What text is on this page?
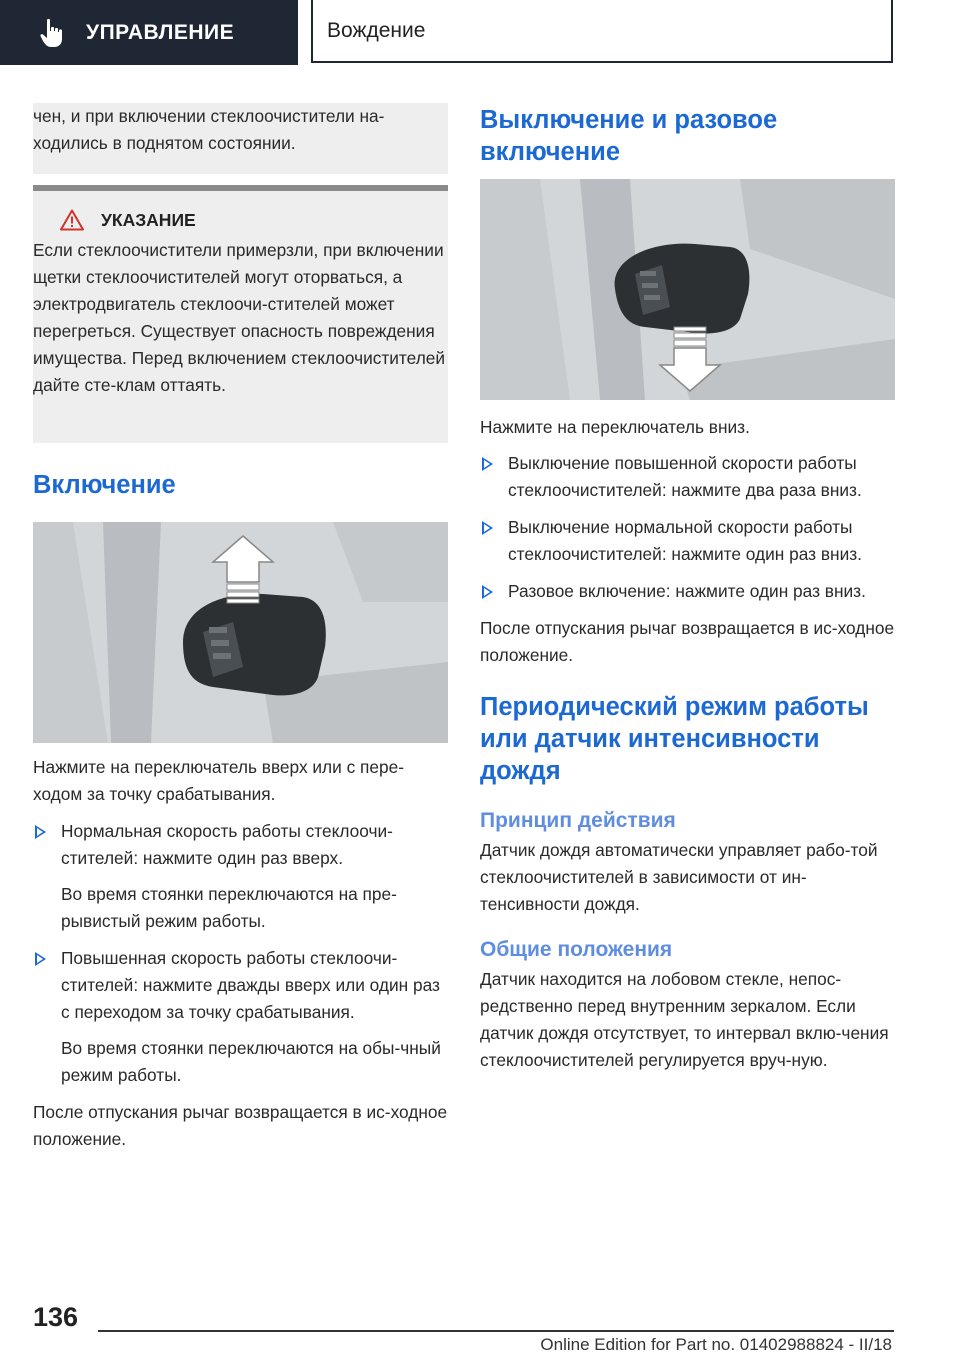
УПРАВЛЕНИЕ	Вождение

чен, и при включении стеклоочистители на-ходились в поднятом состоянии.

УКАЗАНИЕ

Если стеклоочистители примерзли, при включении щетки стеклоочистителей могут оторваться, а электродвигатель стеклоочи-стителей может перегреться. Существует опасность повреждения имущества. Перед включением стеклоочистителей дайте сте-клам оттаять.

Включение

Нажмите на переключатель вверх или с пере-ходом за точку срабатывания.

Нормальная скорость работы стеклоочи-стителей: нажмите один раз вверх.

Во время стоянки переключаются на пре-рывистый режим работы.

Повышенная скорость работы стеклоочи-стителей: нажмите дважды вверх или один раз с переходом за точку срабатывания.

Во время стоянки переключаются на обы-чный режим работы.

После отпускания рычаг возвращается в ис-ходное положение.

Выключение и разовое включение

Нажмите на переключатель вниз.

Выключение повышенной скорости работы стеклоочистителей: нажмите два раза вниз.

Выключение нормальной скорости работы стеклоочистителей: нажмите один раз вниз.

Разовое включение: нажмите один раз вниз.

После отпускания рычаг возвращается в ис-ходное положение.

Периодический режим работы или датчик интенсивности дождя
Принцип действия

Датчик дождя автоматически управляет рабо-той стеклоочистителей в зависимости от ин-тенсивности дождя.

Общие положения

Датчик находится на лобовом стекле, непос-редственно перед внутренним зеркалом. Если датчик дождя отсутствует, то интервал вклю-чения стеклоочистителей регулируется вруч-ную.

136
Online Edition for Part no. 01402988824 - II/18
